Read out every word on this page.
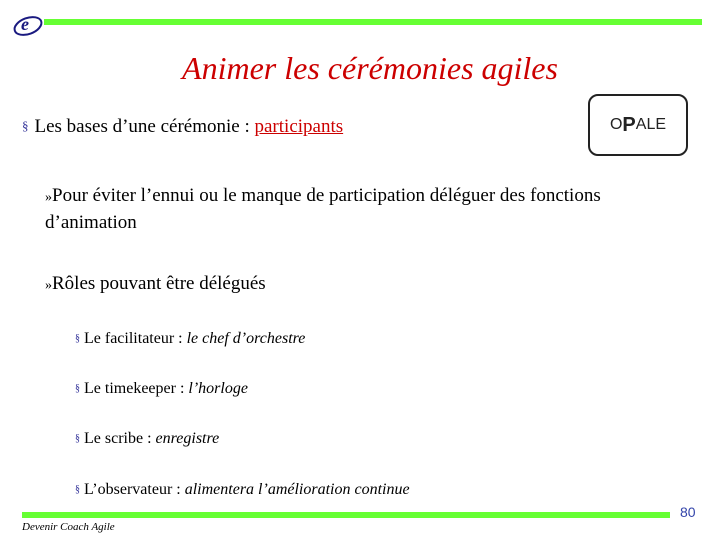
e
Animer les cérémonies agiles
§ Les bases d’une cérémonie : participants	O P ALE
»Pour éviter l’ennui ou le manque de participation déléguer des fonctions d’animation
»Rôles pouvant être délégués
§ Le facilitateur : le chef d’orchestre
§ Le timekeeper : l’horloge
§ Le scribe : enregistre
§ L’observateur : alimentera l’amélioration continue
Devenir Coach Agile
80
